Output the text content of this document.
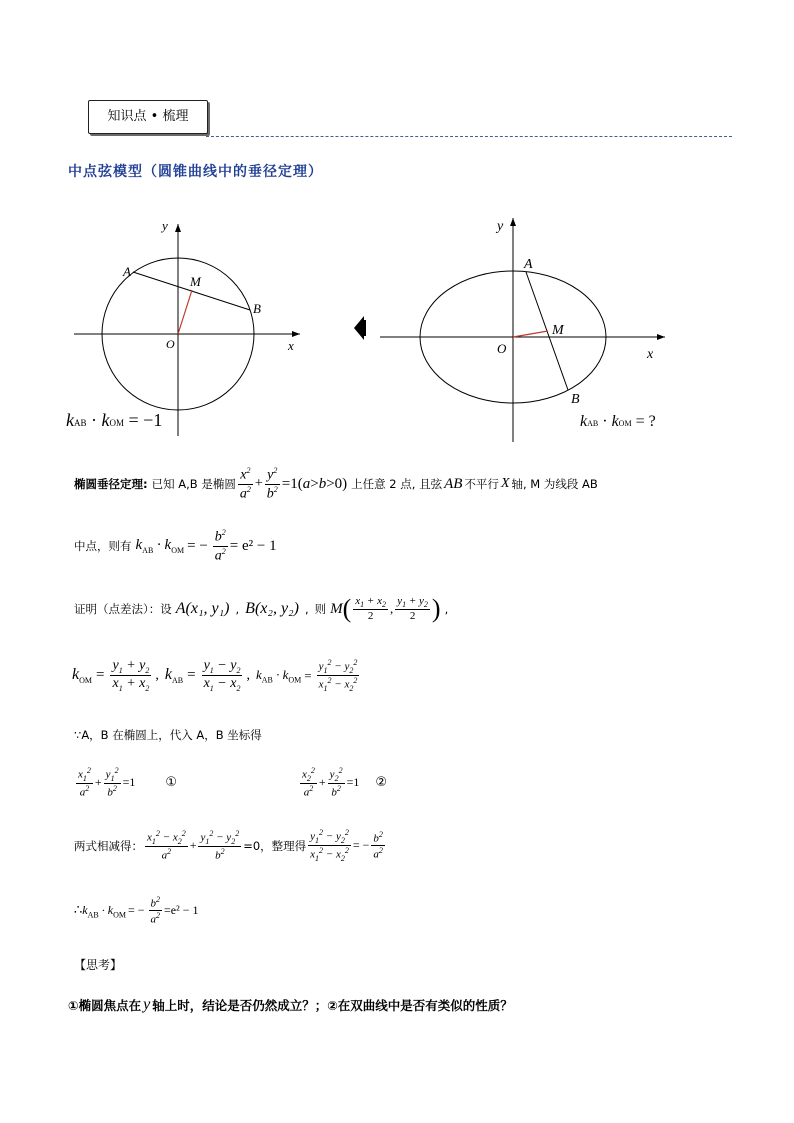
知识点 • 梳理
中点弦模型（圆锥曲线中的垂径定理）
y
x
O
A
B
M
kAB · kOM = −1
y
x
O
A
B
M
kAB · kOM = ?
椭圆垂径定理: 已知 A,B 是椭圆 $\frac{x^2}{a^2} + \frac{y^2}{b^2} =1$( a > b >0) 上任意 2 点, 且弦 AB 不平行 X 轴, M 为线段 AB
中点，则有 $k_{AB} \cdot k_{OM}$ = − $\frac{b^2}{a^2} = e^2 - 1$
证明（点差法）：设 A(x₁, y₁) , B(x₂, y₂) , 则 M ( $\frac{x_1 + x_2}{2}$ , $\frac{y_1 + y_2}{2}$ ) ,
$k_{OM} = \frac{y_1 + y_2}{x_1 + x_2}$ , $k_{AB} = \frac{y_1 - y_2}{x_1 - x_2}$ , $k_{AB} \cdot k_{OM} = \frac{y_1^2 - y_2^2}{x_1^2 - x_2^2}$
∵A，B 在椭圆上，代入 A，B 坐标得
$\frac{x_1^2}{a^2} + \frac{y_1^2}{b^2} =1$ ①	$\frac{x_2^2}{a^2} + \frac{y_2^2}{b^2} =1$ ②
两式相减得： $\frac{x_1^2 - x_2^2}{a^2} + \frac{y_1^2 - y_2^2}{b^2} =0$，整理得 $\frac{y_1^2 - y_2^2}{x_1^2 - x_2^2}$ = − $\frac{b^2}{a^2}$
∴ $k_{AB} \cdot k_{OM}$ = − $\frac{b^2}{a^2} =e^2 - 1$
【思考】
①椭圆焦点在 y 轴上时，结论是否仍然成立？；②在双曲线中是否有类似的性质？
